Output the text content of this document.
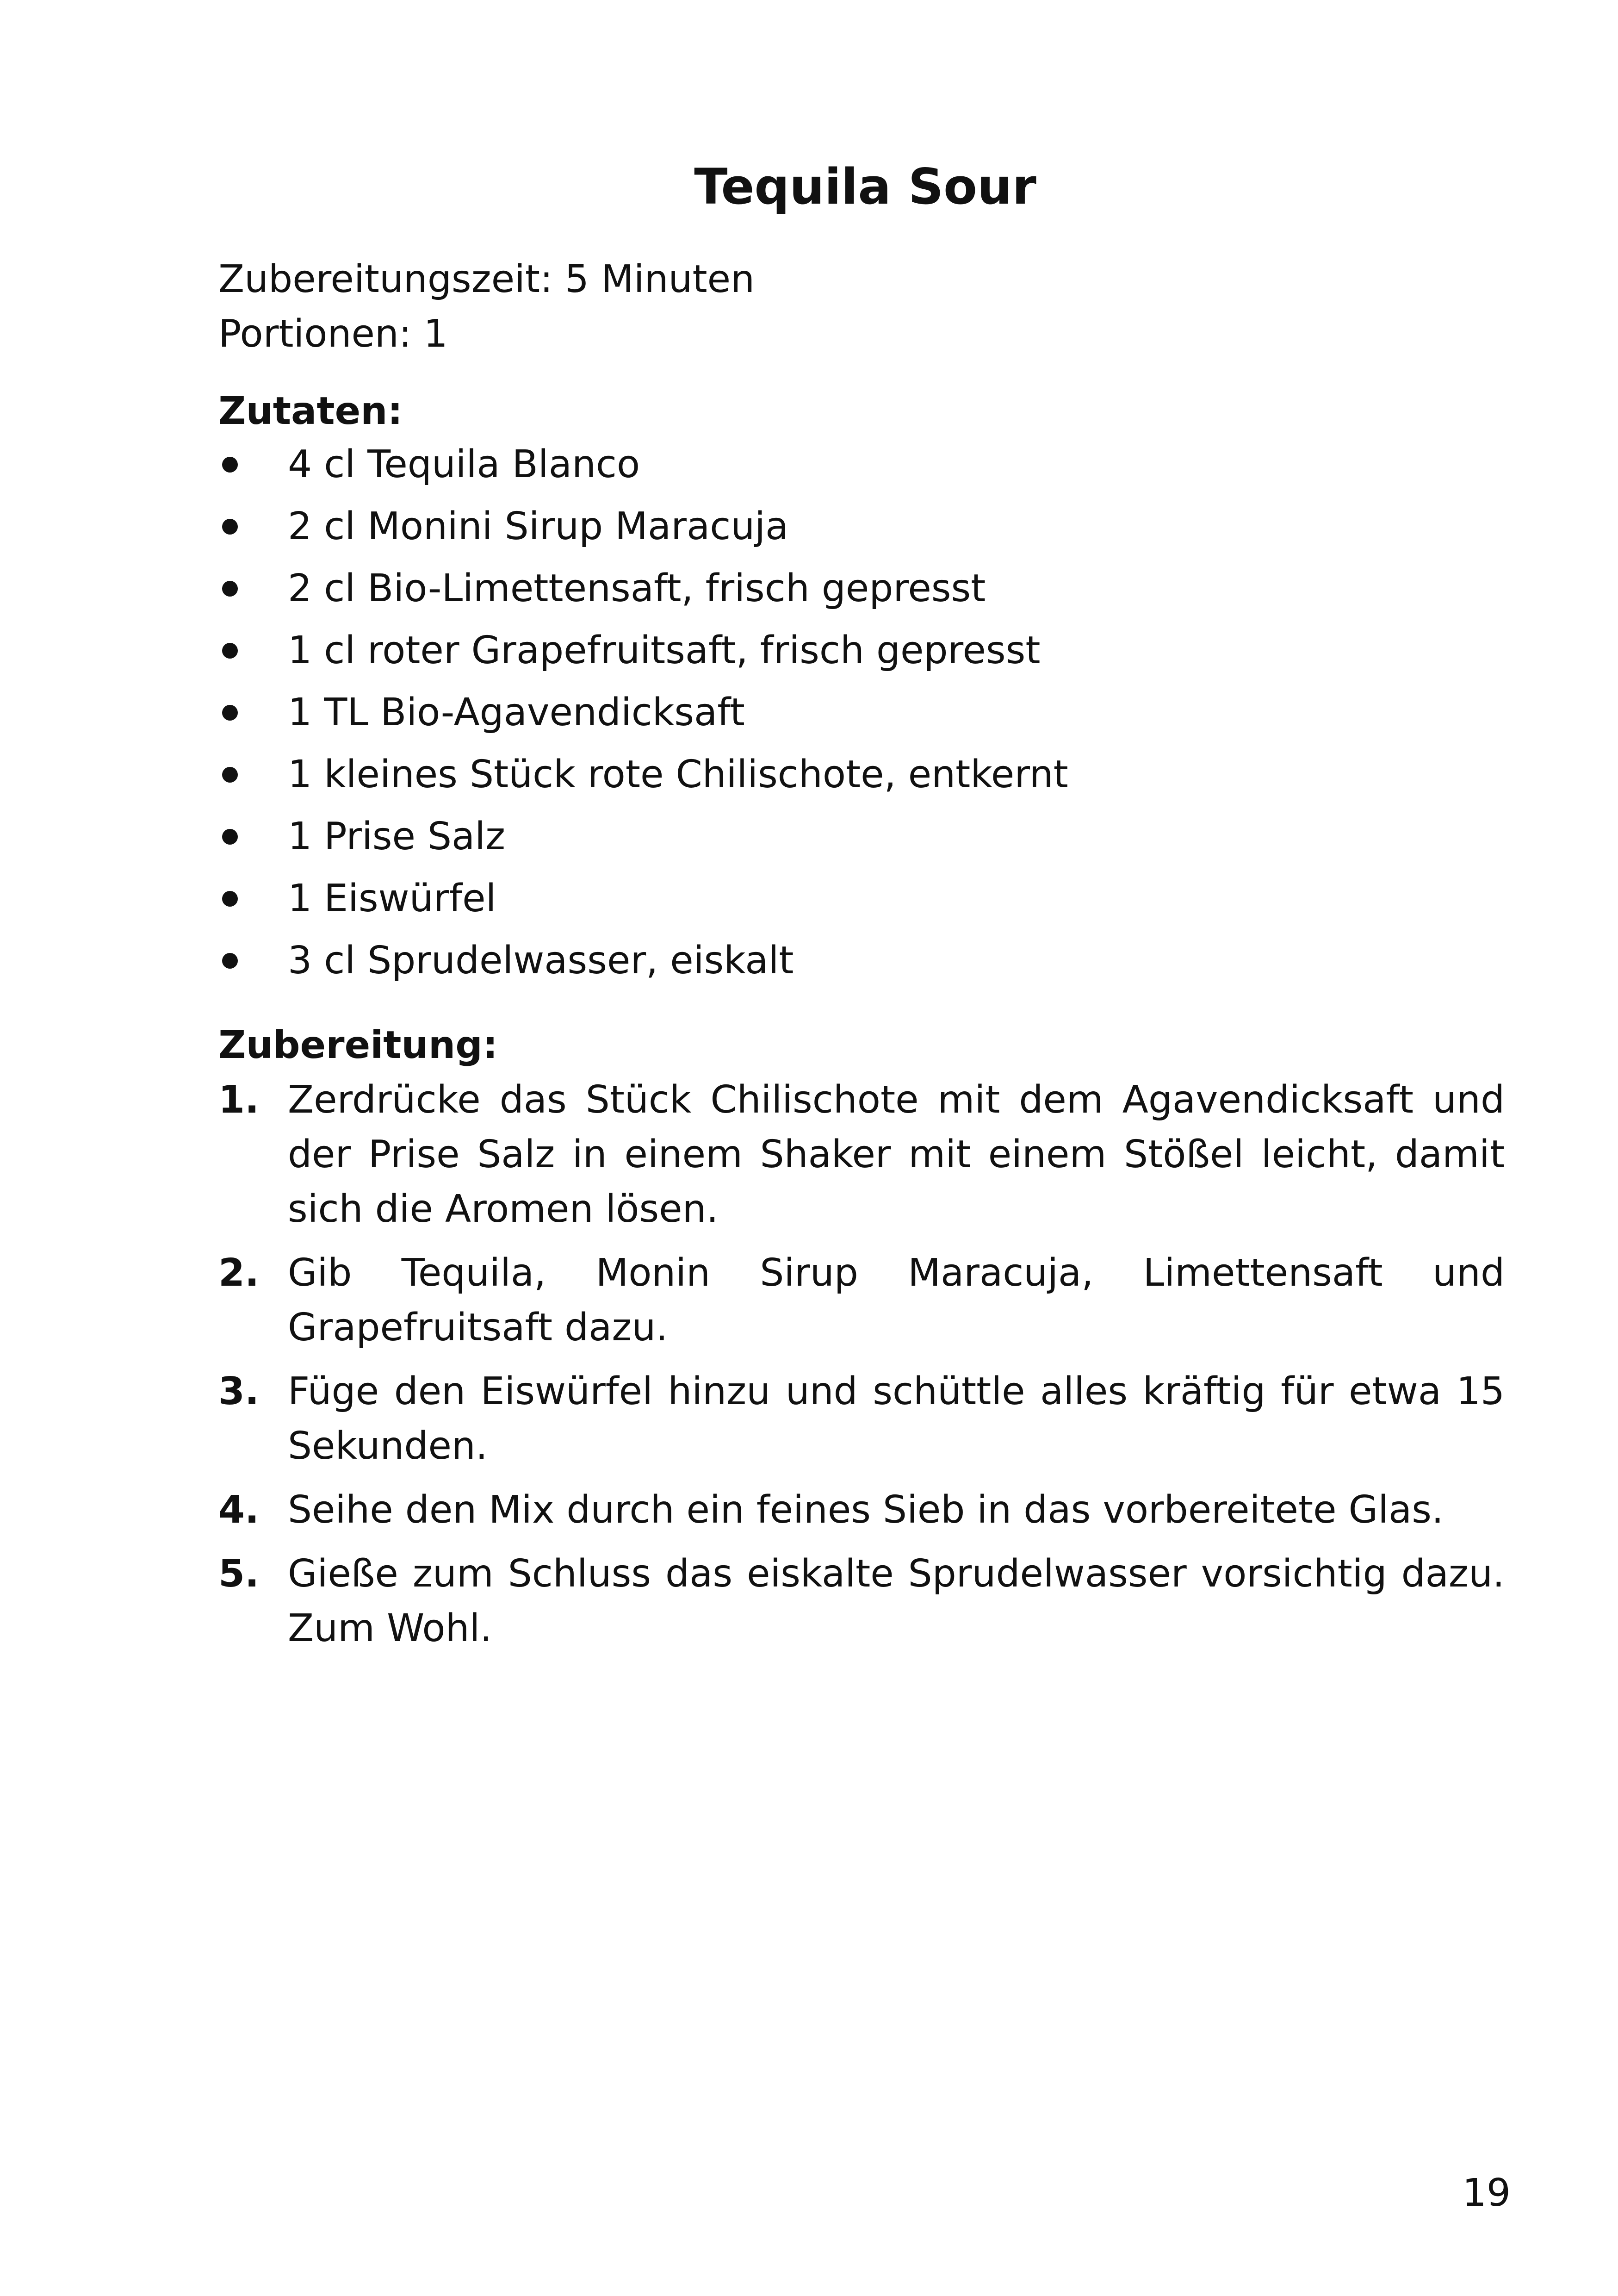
Tequila Sour
Zubereitungszeit: 5 Minuten
Portionen: 1
Zutaten:
4 cl Tequila Blanco
2 cl Monini Sirup Maracuja
2 cl Bio-Limettensaft, frisch gepresst
1 cl roter Grapefruitsaft, frisch gepresst
1 TL Bio-Agavendicksaft
1 kleines Stück rote Chilischote, entkernt
1 Prise Salz
1 Eiswürfel
3 cl Sprudelwasser, eiskalt
Zubereitung:
1. Zerdrücke das Stück Chilischote mit dem Agavendicksaft und der Prise Salz in einem Shaker mit einem Stößel leicht, damit sich die Aromen lösen.
2. Gib Tequila, Monin Sirup Maracuja, Limettensaft und Grapefruitsaft dazu.
3. Füge den Eiswürfel hinzu und schüttle alles kräftig für etwa 15 Sekunden.
4. Seihe den Mix durch ein feines Sieb in das vorbereitete Glas.
5. Gieße zum Schluss das eiskalte Sprudelwasser vorsichtig dazu. Zum Wohl.
19
